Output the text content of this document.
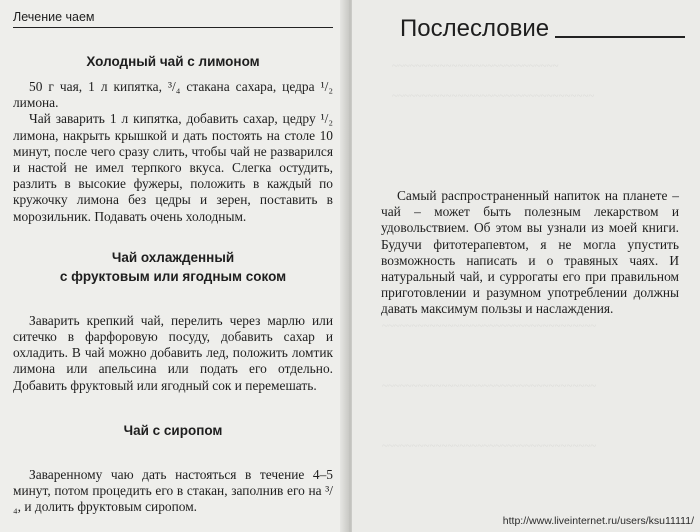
Лечение чаем
Холодный чай с лимоном

50 г чая, 1 л кипятка, ³/₄ стакана сахара, цедра ¹/₂ лимона.

Чай заварить 1 л кипятка, добавить сахар, цедру ¹/₂ лимона, накрыть крышкой и дать постоять на столе 10 минут, после чего сразу слить, чтобы чай не разварился и настой не имел терпкого вкуса. Слегка остудить, разлить в высокие фужеры, положить в каждый по кружочку лимона без цедры и зерен, поставить в морозильник. Подавать очень холодным.

Чай охлажденный
с фруктовым или ягодным соком

Заварить крепкий чай, перелить через марлю или ситечко в фарфоровую посуду, добавить сахар и охладить. В чай можно добавить лед, положить ломтик лимона или апельсина или подать его отдельно. Добавить фруктовый или ягодный сок и перемешать.

Чай с сиропом

Заваренному чаю дать настояться в течение 4–5 минут, потом процедить его в стакан, заполнив его на ³/₄, и долить фруктовым сиропом.

~~~~~~~~~~~~~~~~~~~~~~~~~~~~
~~~~~~~~~~~~~~~~~~~~~~~~~~~~~~~~~~
~~~~~~~~~~~~~~~~~~~~~~~~~~~~~~~~~~~~
~~~~~~~~~~~~~~~~~~~~~~~~~~~~~~~~~~~~
~~~~~~~~~~~~~~~~~~~~~~~~~~~~~~~~~~~~
Послесловие

Самый распространенный напиток на планете – чай – может быть полезным лекарством и удовольствием. Об этом вы узнали из моей книги. Будучи фитотерапевтом, я не могла упустить возможность написать и о травяных чаях. И натуральный чай, и суррогаты его при правильном приготовлении и разумном употреблении должны давать максимум пользы и наслаждения.

http://www.liveinternet.ru/users/ksu11111/
